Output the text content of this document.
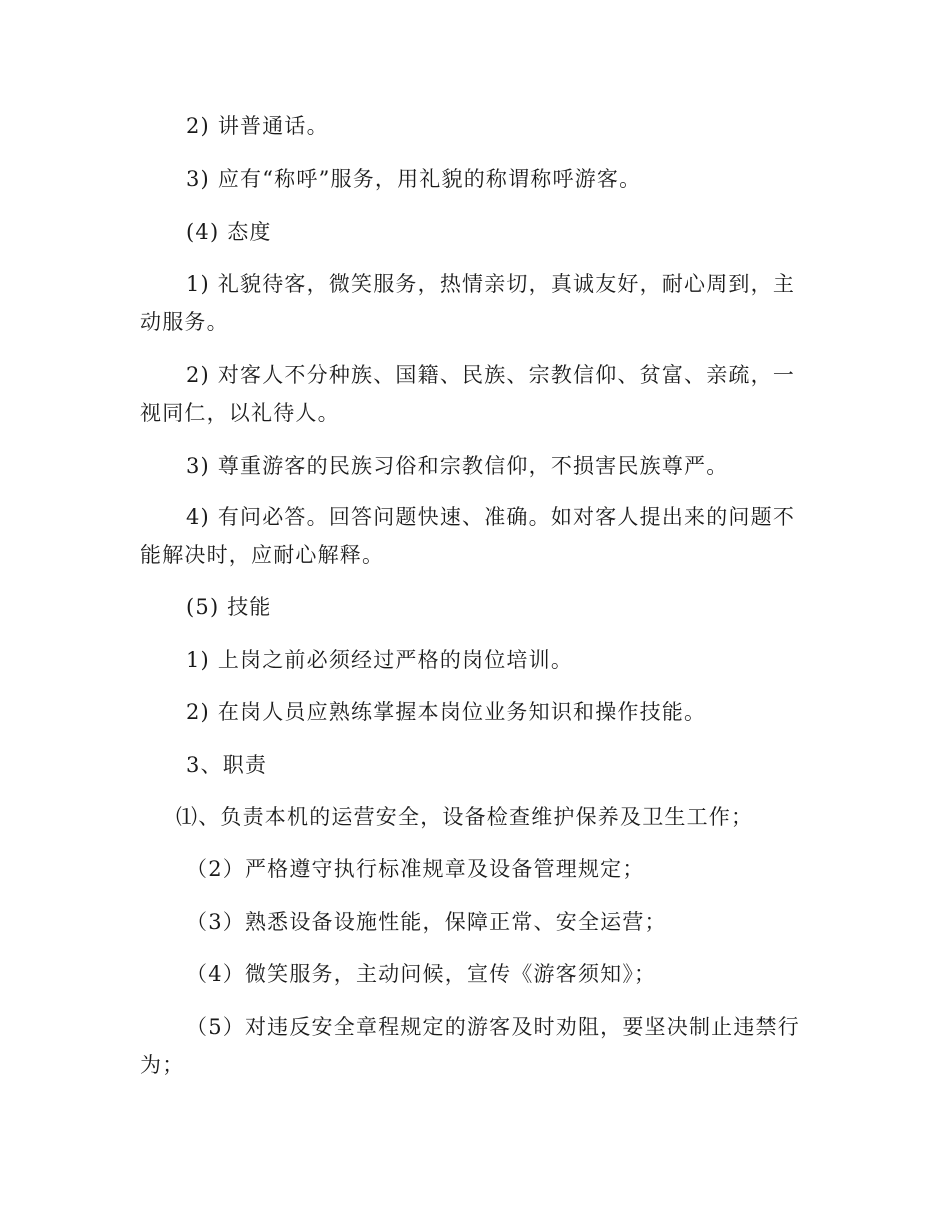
2) 讲普通话。
3) 应有“称呼”服务，用礼貌的称谓称呼游客。
(4) 态度
1) 礼貌待客，微笑服务，热情亲切，真诚友好，耐心周到，主动服务。
2) 对客人不分种族、国籍、民族、宗教信仰、贫富、亲疏，一视同仁，以礼待人。
3) 尊重游客的民族习俗和宗教信仰，不损害民族尊严。
4) 有问必答。回答问题快速、准确。如对客人提出来的问题不能解决时，应耐心解释。
(5) 技能
1) 上岗之前必须经过严格的岗位培训。
2) 在岗人员应熟练掌握本岗位业务知识和操作技能。
3、职责
⑴、负责本机的运营安全，设备检查维护保养及卫生工作；
（2）严格遵守执行标准规章及设备管理规定；
（3）熟悉设备设施性能，保障正常、安全运营；
（4）微笑服务，主动问候，宣传《游客须知》；
（5）对违反安全章程规定的游客及时劝阻，要坚决制止违禁行为；
